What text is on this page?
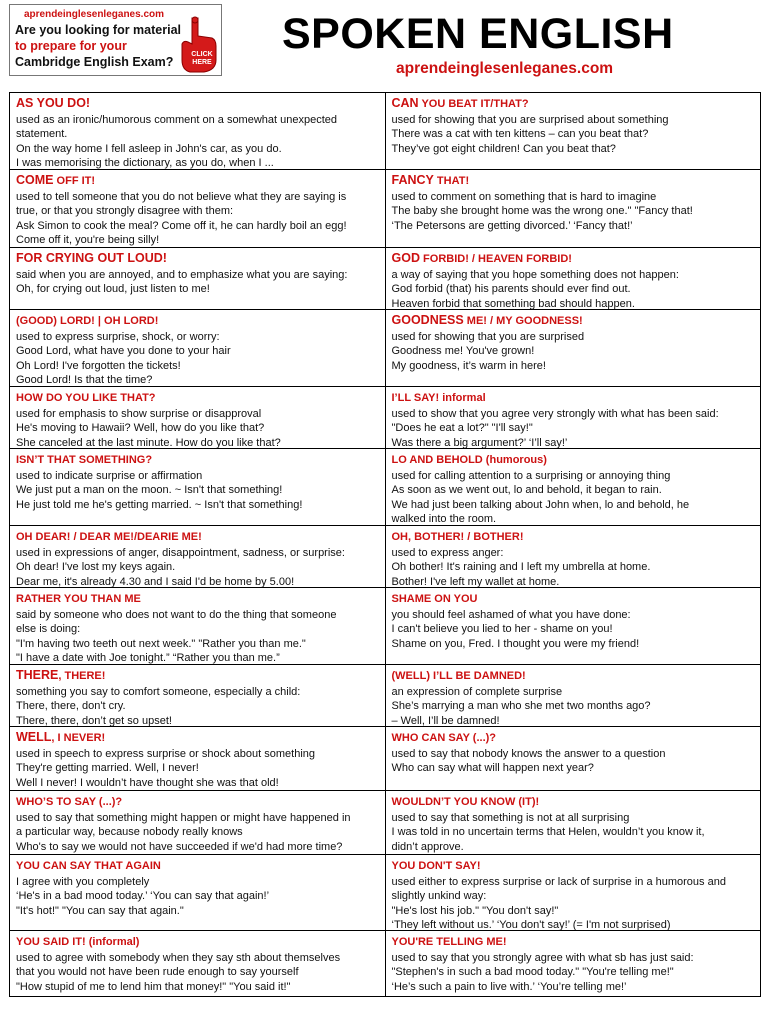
aprendeinglesenleganes.com
Are you looking for material
to prepare for your
Cambridge English Exam?
CLICK HERE
SPOKEN ENGLISH
aprendeinglesenleganes.com
AS YOU DO!
used as an ironic/humorous comment on a somewhat unexpected
statement.
On the way home I fell asleep in John's car, as you do.
I was memorising the dictionary, as you do, when I ...
CAN YOU BEAT IT/THAT?
used for showing that you are surprised about something
There was a cat with ten kittens – can you beat that?
They’ve got eight children! Can you beat that?
COME OFF IT!
used to tell someone that you do not believe what they are saying is
true, or that you strongly disagree with them:
Ask Simon to cook the meal? Come off it, he can hardly boil an egg!
Come off it, you're being silly!
FANCY THAT!
used to comment on something that is hard to imagine
The baby she brought home was the wrong one." "Fancy that!
‘The Petersons are getting divorced.’ ‘Fancy that!’
FOR CRYING OUT LOUD!
said when you are annoyed, and to emphasize what you are saying:
Oh, for crying out loud, just listen to me!
GOD FORBID! / HEAVEN FORBID!
a way of saying that you hope something does not happen:
God forbid (that) his parents should ever find out.
Heaven forbid that something bad should happen.
(GOOD) LORD! | OH LORD!
used to express surprise, shock, or worry:
Good Lord, what have you done to your hair
Oh Lord! I've forgotten the tickets!
Good Lord! Is that the time?
GOODNESS ME! / MY GOODNESS!
used for showing that you are surprised
Goodness me! You've grown!
My goodness, it’s warm in here!
HOW DO YOU LIKE THAT?
used for emphasis to show surprise or disapproval
He's moving to Hawaii? Well, how do you like that?
She canceled at the last minute. How do you like that?
I’LL SAY! informal
used to show that you agree very strongly with what has been said:
"Does he eat a lot?" "I'll say!"
Was there a big argument?’ ‘I’ll say!’
ISN’T THAT SOMETHING?
used to indicate surprise or affirmation
We just put a man on the moon. ~ Isn't that something!
He just told me he's getting married. ~ Isn't that something!
LO AND BEHOLD (humorous)
used for calling attention to a surprising or annoying thing
As soon as we went out, lo and behold, it began to rain.
We had just been talking about John when, lo and behold, he
walked into the room.
OH DEAR! / DEAR ME!/DEARIE ME!
used in expressions of anger, disappointment, sadness, or surprise:
Oh dear! I've lost my keys again.
Dear me, it's already 4.30 and I said I'd be home by 5.00!
OH, BOTHER! / BOTHER!
used to express anger:
Oh bother! It's raining and I left my umbrella at home.
Bother! I've left my wallet at home.
RATHER YOU THAN ME
said by someone who does not want to do the thing that someone
else is doing:
"I'm having two teeth out next week." "Rather you than me."
"I have a date with Joe tonight.” “Rather you than me.”
SHAME ON YOU
you should feel ashamed of what you have done:
I can't believe you lied to her - shame on you!
Shame on you, Fred. I thought you were my friend!
THERE, THERE!
something you say to comfort someone, especially a child:
There, there, don't cry.
There, there, don’t get so upset!
(WELL) I’LL BE DAMNED!
an expression of complete surprise
She’s marrying a man who she met two months ago?
– Well, I’ll be damned!
WELL, I NEVER!
used in speech to express surprise or shock about something
They're getting married. Well, I never!
Well I never! I wouldn’t have thought she was that old!
WHO CAN SAY (...)?
used to say that nobody knows the answer to a question
Who can say what will happen next year?
WHO’S TO SAY (...)?
used to say that something might happen or might have happened in
a particular way, because nobody really knows
Who's to say we would not have succeeded if we'd had more time?
WOULDN’T YOU KNOW (IT)!
used to say that something is not at all surprising
I was told in no uncertain terms that Helen, wouldn’t you know it,
didn’t approve.
YOU CAN SAY THAT AGAIN
I agree with you completely
‘He's in a bad mood today.’ ‘You can say that again!’
"It's hot!" "You can say that again."
YOU DON'T SAY!
used either to express surprise or lack of surprise in a humorous and
slightly unkind way:
"He's lost his job." "You don't say!"
‘They left without us.’ ‘You don't say!’ (= I'm not surprised)
YOU SAID IT! (informal)
used to agree with somebody when they say sth about themselves
that you would not have been rude enough to say yourself
"How stupid of me to lend him that money!" "You said it!"
YOU'RE TELLING ME!
used to say that you strongly agree with what sb has just said:
"Stephen's in such a bad mood today." "You're telling me!"
‘He’s such a pain to live with.’ ‘You’re telling me!’
